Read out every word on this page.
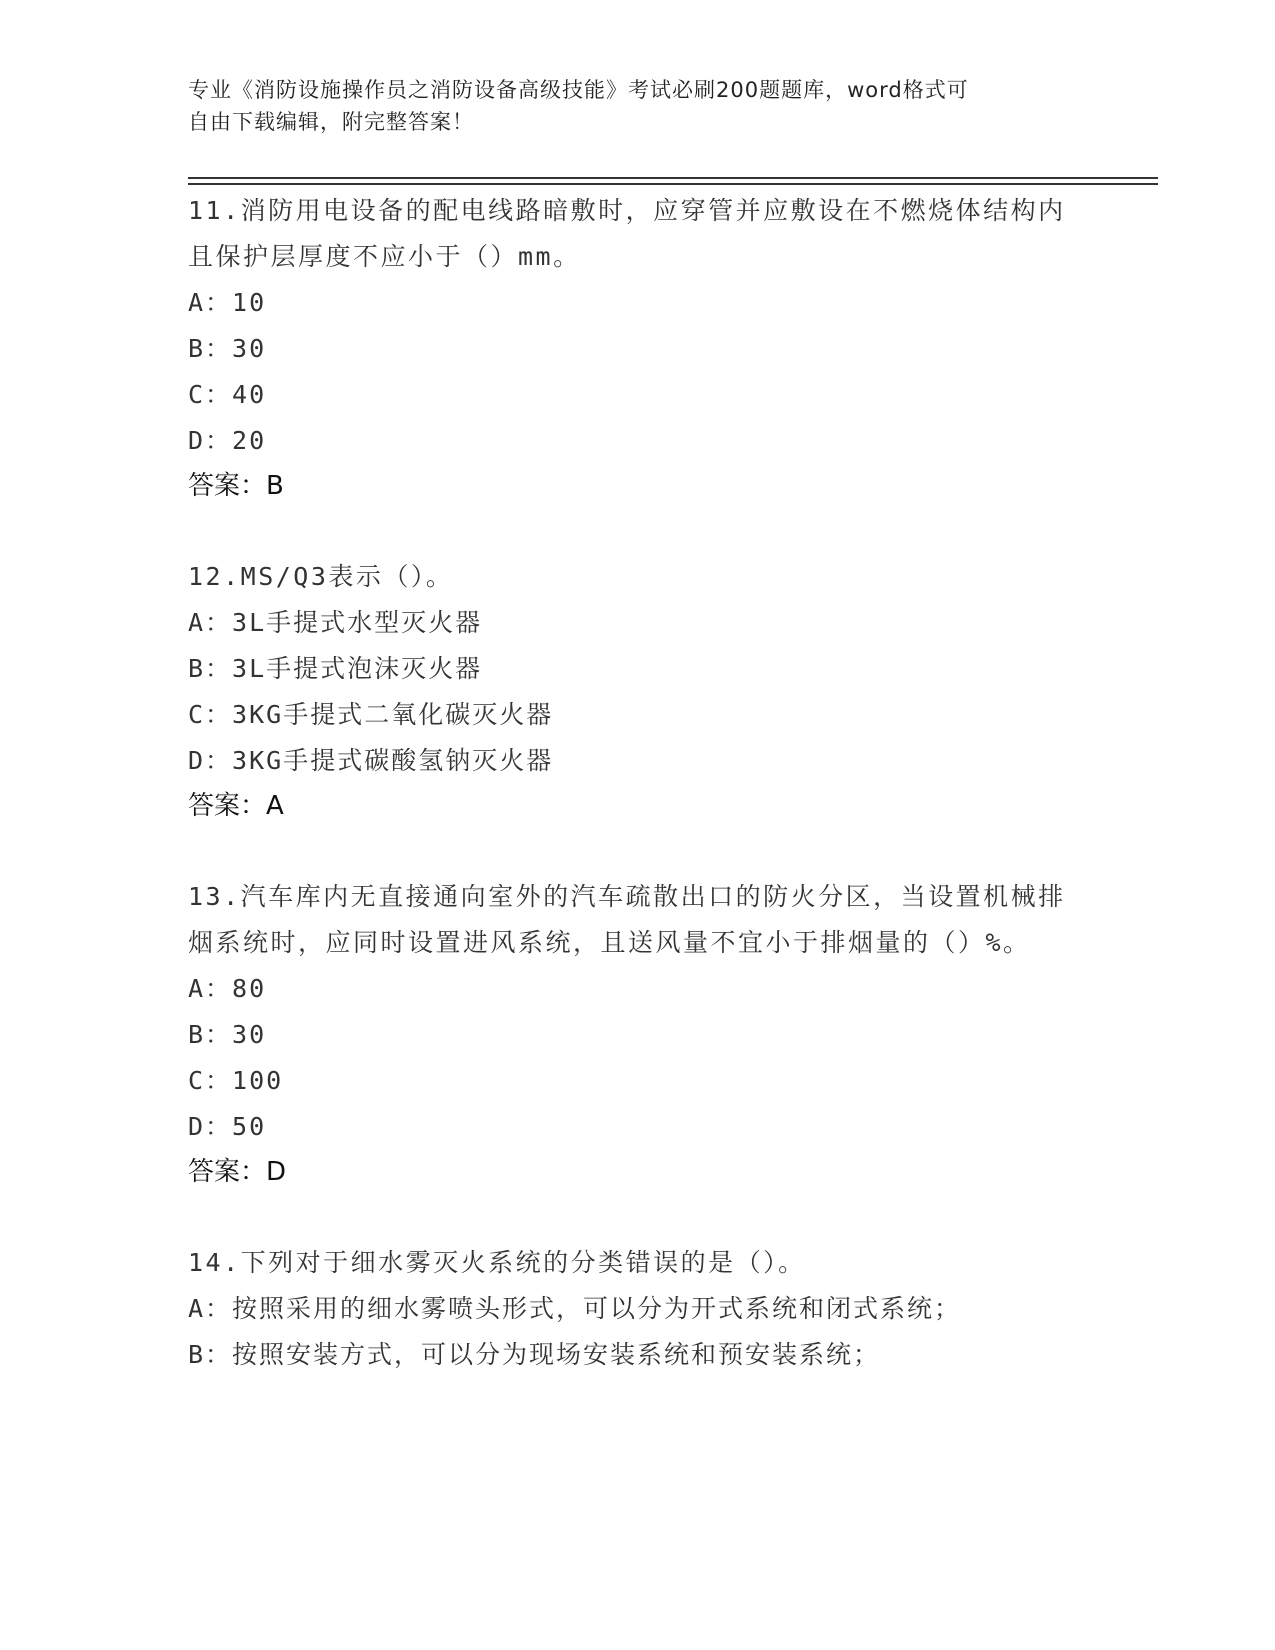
专业《消防设施操作员之消防设备高级技能》考试必刷200题题库，word格式可
自由下载编辑，附完整答案！
11.消防用电设备的配电线路暗敷时，应穿管并应敷设在不燃烧体结构内且保护层厚度不应小于（）mm。
A：10
B：30
C：40
D：20
答案：B
12.MS/Q3表示（）。
A：3L手提式水型灭火器
B：3L手提式泡沫灭火器
C：3KG手提式二氧化碳灭火器
D：3KG手提式碳酸氢钠灭火器
答案：A
13.汽车库内无直接通向室外的汽车疏散出口的防火分区，当设置机械排烟系统时，应同时设置进风系统，且送风量不宜小于排烟量的（）%。
A：80
B：30
C：100
D：50
答案：D
14.下列对于细水雾灭火系统的分类错误的是（）。
A：按照采用的细水雾喷头形式，可以分为开式系统和闭式系统；
B：按照安装方式，可以分为现场安装系统和预安装系统；
